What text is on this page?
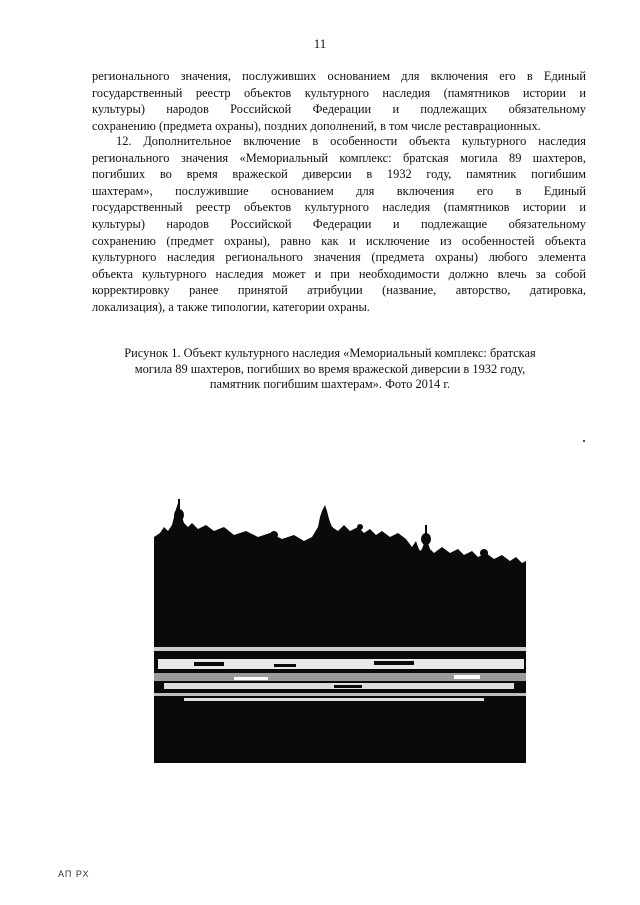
11
регионального значения, послуживших основанием для включения его в Единый
государственный реестр объектов культурного наследия (памятников истории и
культуры) народов Российской Федерации и подлежащих обязательному
сохранению (предмета охраны), поздних дополнений, в том числе реставрационных.
12. Дополнительное включение в особенности объекта культурного наследия
регионального значения «Мемориальный комплекс: братская могила 89 шахтеров,
погибших во время вражеской диверсии в 1932 году, памятник погибшим
шахтерам», послужившие основанием для включения его в Единый
государственный реестр объектов культурного наследия (памятников истории и
культуры) народов Российской Федерации и подлежащие обязательному
сохранению (предмет охраны), равно как и исключение из особенностей объекта
культурного наследия регионального значения (предмета охраны) любого элемента
объекта культурного наследия может и при необходимости должно влечь за собой
корректировку ранее принятой атрибуции (название, авторство, датировка,
локализация), а также типологии, категории охраны.
Рисунок 1. Объект культурного наследия «Мемориальный комплекс: братская
могила 89 шахтеров, погибших во время вражеской диверсии в 1932 году,
памятник погибшим шахтерам». Фото 2014 г.
АП РХ
